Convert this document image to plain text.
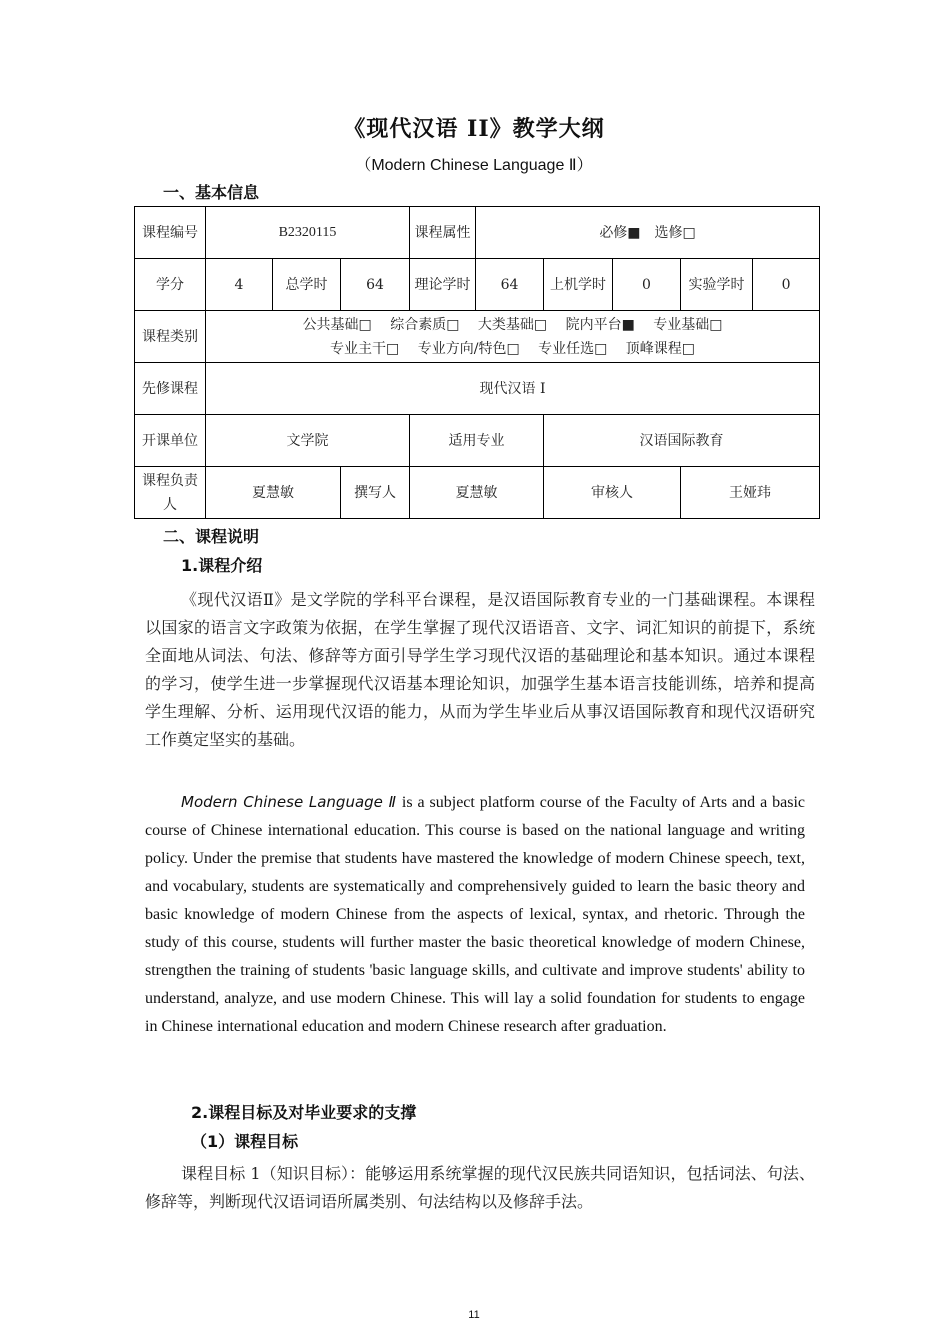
《现代汉语 II》教学大纲
（Modern Chinese Language Ⅱ）
一、基本信息
课程编号	B2320115			课程属性	必修■　选修□				
学分	4	总学时	64	理论学时	64	上机学时	0	实验学时	0
课程类别	公共基础□ 综合素质□ 大类基础□ 院内平台■ 专业基础□
专业主干□ 专业方向/特色□ 专业任选□ 顶峰课程□								

先修课程	现代汉语 I								
开课单位	文学院			适用专业		汉语国际教育			
课程负责人	夏慧敏		撰写人	夏慧敏		审核人		王娅玮	
二、课程说明
1.课程介绍
《现代汉语Ⅱ》是文学院的学科平台课程，是汉语国际教育专业的一门基础课程。本课程以国家的语言文字政策为依据，在学生掌握了现代汉语语音、文字、词汇知识的前提下，系统全面地从词法、句法、修辞等方面引导学生学习现代汉语的基础理论和基本知识。通过本课程的学习，使学生进一步掌握现代汉语基本理论知识，加强学生基本语言技能训练，培养和提高学生理解、分析、运用现代汉语的能力，从而为学生毕业后从事汉语国际教育和现代汉语研究工作奠定坚实的基础。
Modern Chinese Language Ⅱ is a subject platform course of the Faculty of Arts and a basic course of Chinese international education. This course is based on the national language and writing policy. Under the premise that students have mastered the knowledge of modern Chinese speech, text, and vocabulary, students are systematically and comprehensively guided to learn the basic theory and basic knowledge of modern Chinese from the aspects of lexical, syntax, and rhetoric. Through the study of this course, students will further master the basic theoretical knowledge of modern Chinese, strengthen the training of students 'basic language skills, and cultivate and improve students' ability to understand, analyze, and use modern Chinese. This will lay a solid foundation for students to engage in Chinese international education and modern Chinese research after graduation.
2.课程目标及对毕业要求的支撑
（1）课程目标
课程目标 1（知识目标）：能够运用系统掌握的现代汉民族共同语知识，包括词法、句法、修辞等，判断现代汉语词语所属类别、句法结构以及修辞手法。
11
